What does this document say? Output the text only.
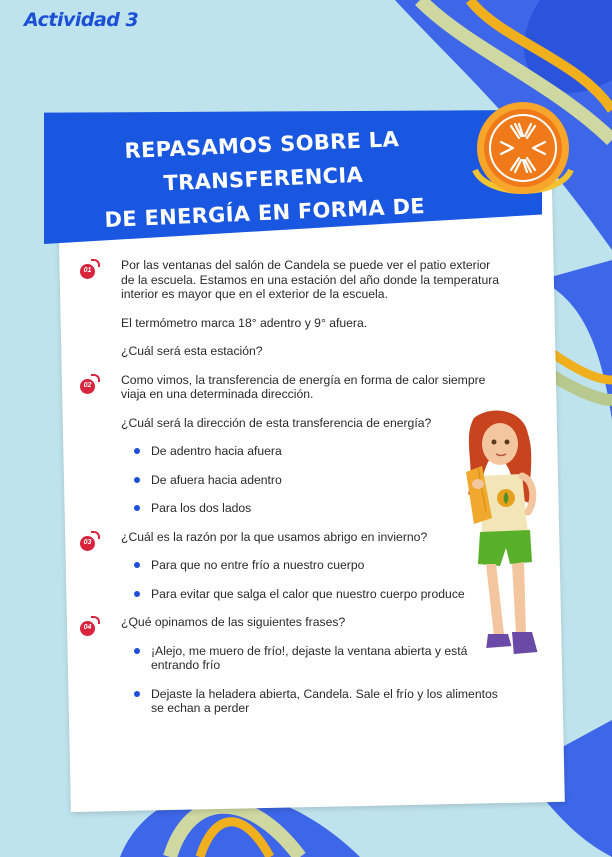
Actividad 3
REPASAMOS SOBRE LA TRANSFERENCIA
DE ENERGÍA EN FORMA DE CALOR
01 Por las ventanas del salón de Candela se puede ver el patio exterior de la escuela. Estamos en una estación del año donde la temperatura interior es mayor que en el exterior de la escuela.

El termómetro marca 18° adentro y 9° afuera.

¿Cuál será esta estación?

02 Como vimos, la transferencia de energía en forma de calor siempre viaja en una determinada dirección.

¿Cuál será la dirección de esta transferencia de energía?

De adentro hacia afuera
De afuera hacia adentro
Para los dos lados
03 ¿Cuál es la razón por la que usamos abrigo en invierno?

Para que no entre frío a nuestro cuerpo
Para evitar que salga el calor que nuestro cuerpo produce
04 ¿Qué opinamos de las siguientes frases?

¡Alejo, me muero de frío!, dejaste la ventana abierta y está entrando frío
Dejaste la heladera abierta, Candela. Sale el frío y los alimentos se echan a perder
